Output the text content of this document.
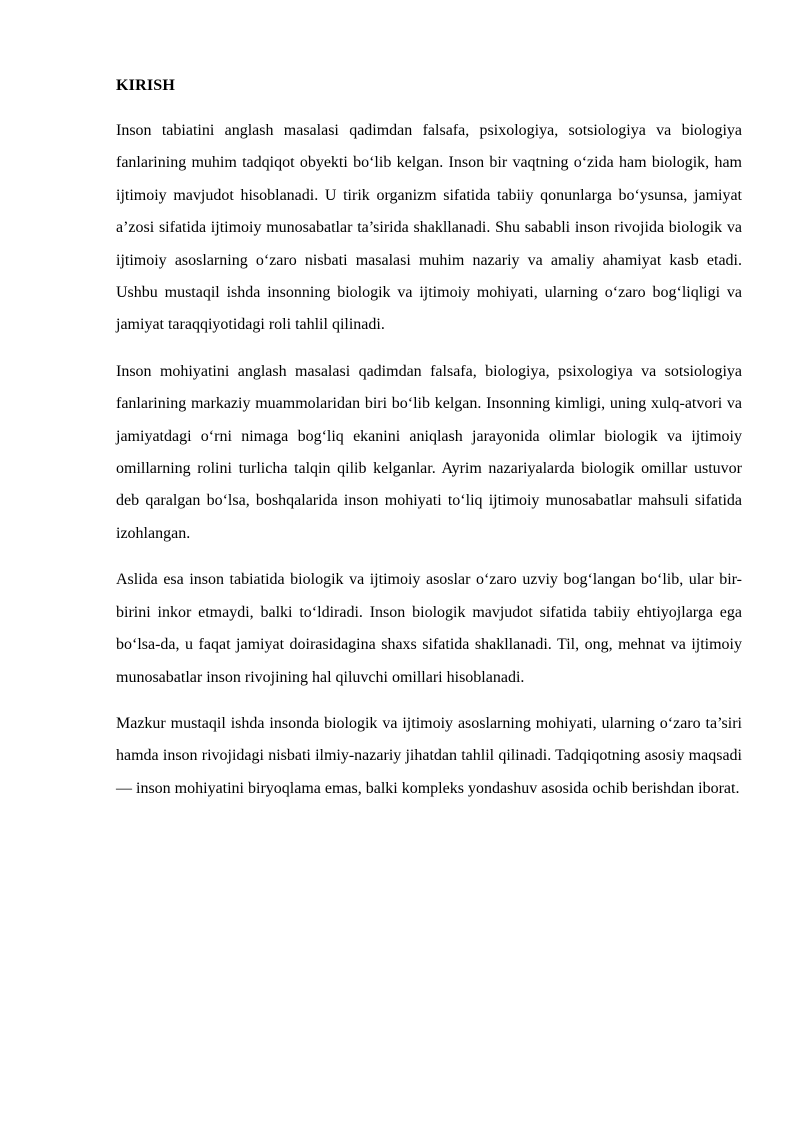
KIRISH

Inson tabiatini anglash masalasi qadimdan falsafa, psixologiya, sotsiologiya va biologiya fanlarining muhim tadqiqot obyekti bo‘lib kelgan. Inson bir vaqtning o‘zida ham biologik, ham ijtimoiy mavjudot hisoblanadi. U tirik organizm sifatida tabiiy qonunlarga bo‘ysunsa, jamiyat a’zosi sifatida ijtimoiy munosabatlar ta’sirida shakllanadi. Shu sababli inson rivojida biologik va ijtimoiy asoslarning o‘zaro nisbati masalasi muhim nazariy va amaliy ahamiyat kasb etadi. Ushbu mustaqil ishda insonning biologik va ijtimoiy mohiyati, ularning o‘zaro bog‘liqligi va jamiyat taraqqiyotidagi roli tahlil qilinadi.

Inson mohiyatini anglash masalasi qadimdan falsafa, biologiya, psixologiya va sotsiologiya fanlarining markaziy muammolaridan biri bo‘lib kelgan. Insonning kimligi, uning xulq-atvori va jamiyatdagi o‘rni nimaga bog‘liq ekanini aniqlash jarayonida olimlar biologik va ijtimoiy omillarning rolini turlicha talqin qilib kelganlar. Ayrim nazariyalarda biologik omillar ustuvor deb qaralgan bo‘lsa, boshqalarida inson mohiyati to‘liq ijtimoiy munosabatlar mahsuli sifatida izohlangan.

Aslida esa inson tabiatida biologik va ijtimoiy asoslar o‘zaro uzviy bog‘langan bo‘lib, ular bir-birini inkor etmaydi, balki to‘ldiradi. Inson biologik mavjudot sifatida tabiiy ehtiyojlarga ega bo‘lsa-da, u faqat jamiyat doirasidagina shaxs sifatida shakllanadi. Til, ong, mehnat va ijtimoiy munosabatlar inson rivojining hal qiluvchi omillari hisoblanadi.

Mazkur mustaqil ishda insonda biologik va ijtimoiy asoslarning mohiyati, ularning o‘zaro ta’siri hamda inson rivojidagi nisbati ilmiy-nazariy jihatdan tahlil qilinadi. Tadqiqotning asosiy maqsadi — inson mohiyatini biryoqlama emas, balki kompleks yondashuv asosida ochib berishdan iborat.
